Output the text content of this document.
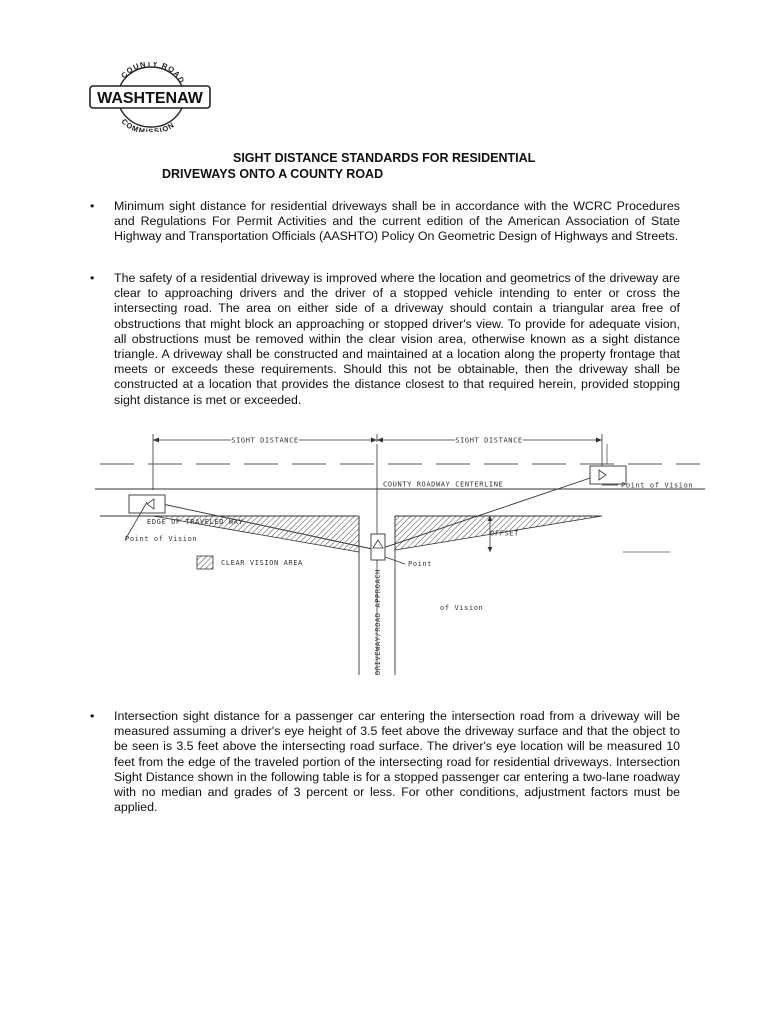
COUNTY ROAD
COMMISSION
WASHTENAW
SIGHT DISTANCE STANDARDS FOR RESIDENTIAL
DRIVEWAYS ONTO A COUNTY ROAD
• Minimum sight distance for residential driveways shall be in accordance with the WCRC Procedures and Regulations For Permit Activities and the current edition of the American Association of State Highway and Transportation Officials (AASHTO) Policy On Geometric Design of Highways and Streets.

• The safety of a residential driveway is improved where the location and geometrics of the driveway are clear to approaching drivers and the driver of a stopped vehicle intending to enter or cross the intersecting road. The area on either side of a driveway should contain a triangular area free of obstructions that might block an approaching or stopped driver's view. To provide for adequate vision, all obstructions must be removed within the clear vision area, otherwise known as a sight distance triangle. A driveway shall be constructed and maintained at a location along the property frontage that meets or exceeds these requirements. Should this not be obtainable, then the driveway shall be constructed at a location that provides the distance closest to that required herein, provided stopping sight distance is met or exceeded.

SIGHT DISTANCE	SIGHT DISTANCE
COUNTY ROADWAY CENTERLINE
DRIVEWAY/ROAD APPROACH
Point of Vision
EDGE OF TRAVELED WAY
Point of Vision
OFFSET
CLEAR VISION AREA	Point
of Vision
• Intersection sight distance for a passenger car entering the intersection road from a driveway will be measured assuming a driver's eye height of 3.5 feet above the driveway surface and that the object to be seen is 3.5 feet above the intersecting road surface. The driver's eye location will be measured 10 feet from the edge of the traveled portion of the intersecting road for residential driveways. Intersection Sight Distance shown in the following table is for a stopped passenger car entering a two-lane roadway with no median and grades of 3 percent or less. For other conditions, adjustment factors must be applied.
